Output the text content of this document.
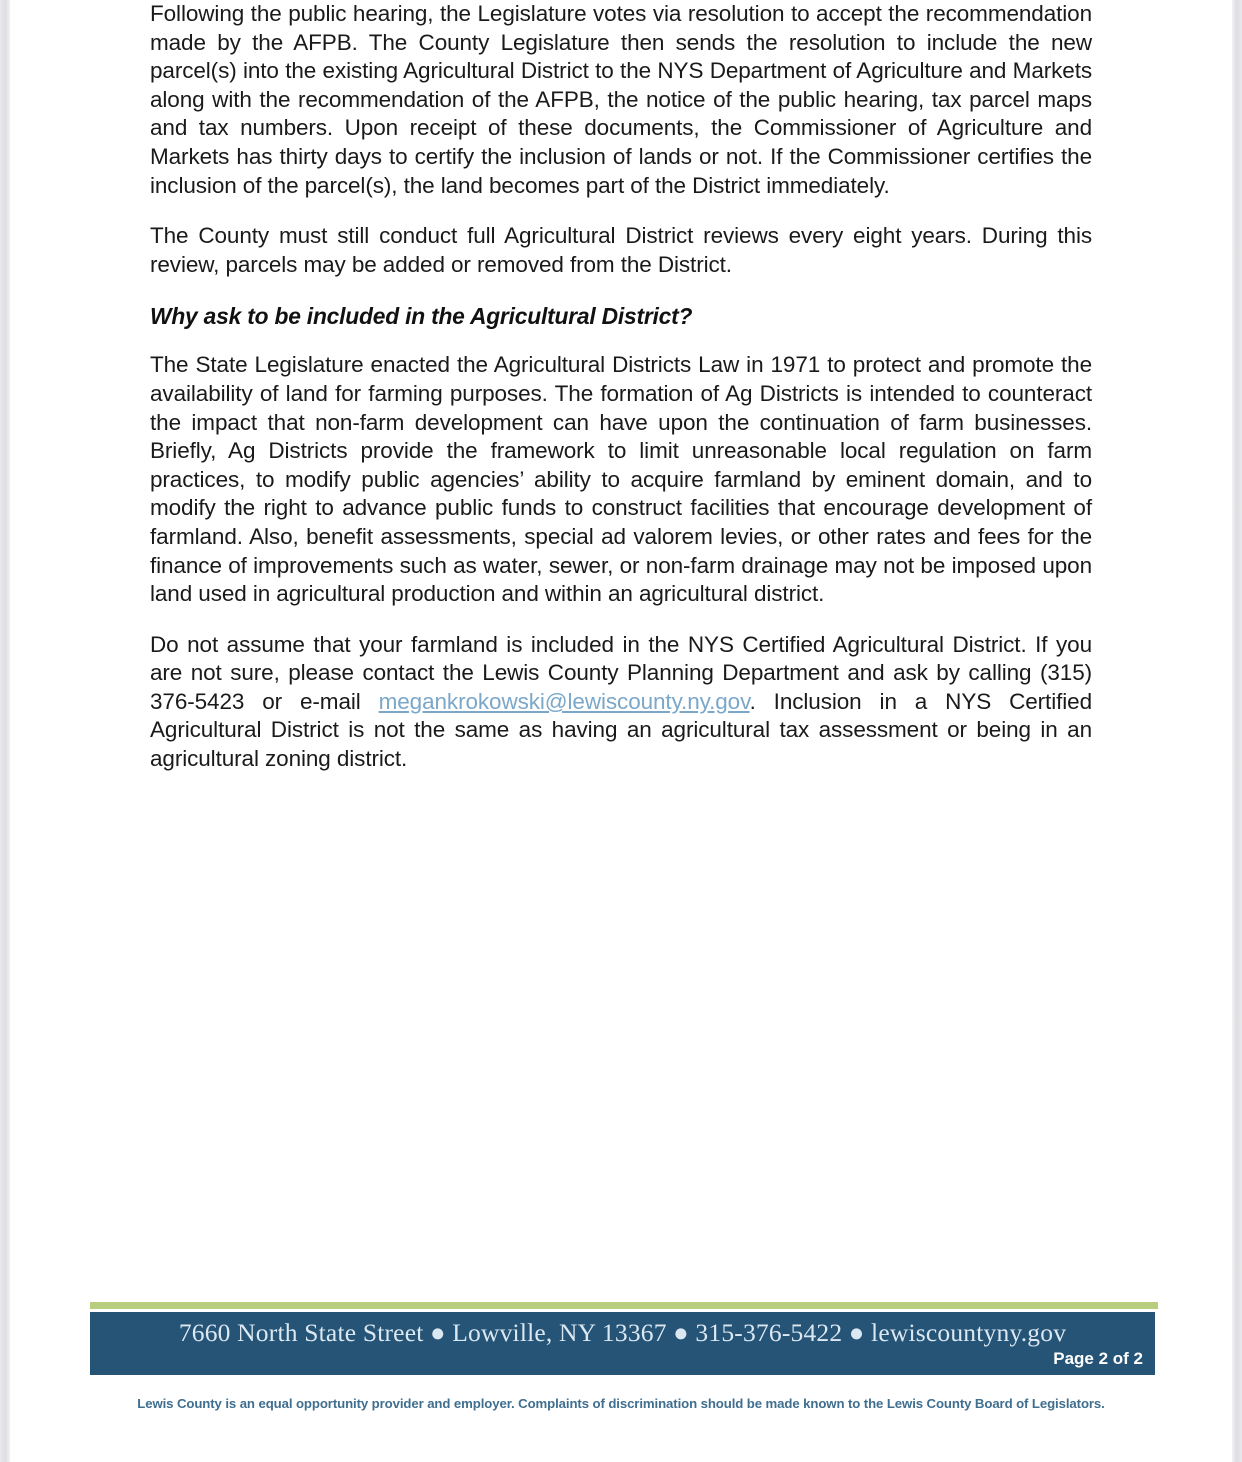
Following the public hearing, the Legislature votes via resolution to accept the recommendation made by the AFPB. The County Legislature then sends the resolution to include the new parcel(s) into the existing Agricultural District to the NYS Department of Agriculture and Markets along with the recommendation of the AFPB, the notice of the public hearing, tax parcel maps and tax numbers. Upon receipt of these documents, the Commissioner of Agriculture and Markets has thirty days to certify the inclusion of lands or not. If the Commissioner certifies the inclusion of the parcel(s), the land becomes part of the District immediately.

The County must still conduct full Agricultural District reviews every eight years. During this review, parcels may be added or removed from the District.

Why ask to be included in the Agricultural District?

The State Legislature enacted the Agricultural Districts Law in 1971 to protect and promote the availability of land for farming purposes. The formation of Ag Districts is intended to counteract the impact that non-farm development can have upon the continuation of farm businesses. Briefly, Ag Districts provide the framework to limit unreasonable local regulation on farm practices, to modify public agencies’ ability to acquire farmland by eminent domain, and to modify the right to advance public funds to construct facilities that encourage development of farmland. Also, benefit assessments, special ad valorem levies, or other rates and fees for the finance of improvements such as water, sewer, or non-farm drainage may not be imposed upon land used in agricultural production and within an agricultural district.

Do not assume that your farmland is included in the NYS Certified Agricultural District. If you are not sure, please contact the Lewis County Planning Department and ask by calling (315) 376-5423 or e-mail megankrokowski@lewiscounty.ny.gov. Inclusion in a NYS Certified Agricultural District is not the same as having an agricultural tax assessment or being in an agricultural zoning district.

7660 North State Street ● Lowville, NY 13367 ● 315-376-5422 ● lewiscountyny.gov
Page 2 of 2
Lewis County is an equal opportunity provider and employer. Complaints of discrimination should be made known to the Lewis County Board of Legislators.
